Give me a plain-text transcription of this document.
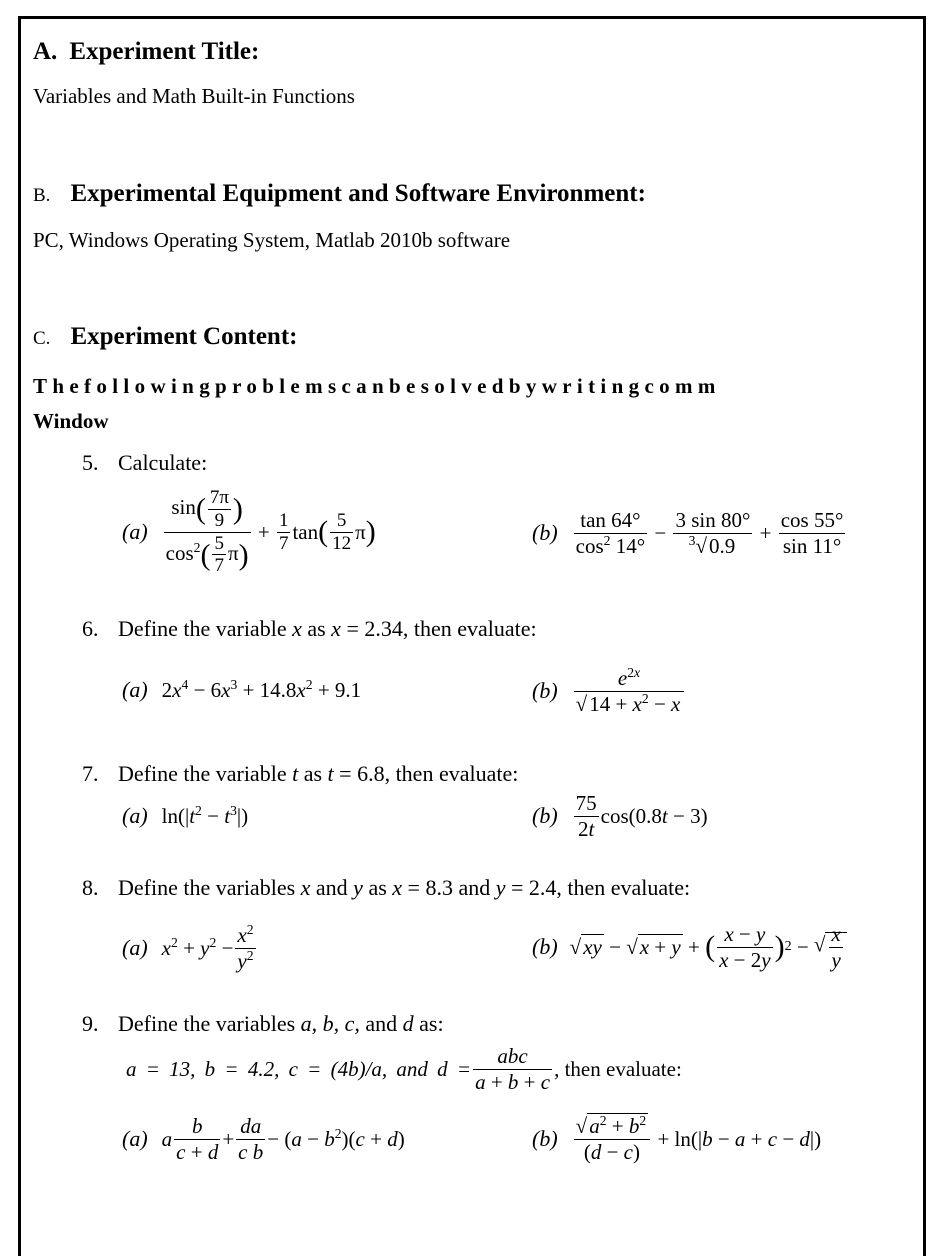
A. Experiment Title:
Variables and Math Built-in Functions
B. Experimental Equipment and Software Environment:
PC, Windows Operating System, Matlab 2010b software
C. Experiment Content:
Thefollowingproblemscanbesolvedbywritingcomm
Window
5. Calculate:
$(a) \frac{\sin( \frac{7\pi}{9} )}{\cos^2( \frac{5}{7} \pi)} + \frac{1}{7}$ tan ( $\frac{5}{12}$ π )	$(b) \frac{\tan 64^\circ}{\cos^2 14^\circ} - \frac{3 \sin 80^\circ}{^3√0.9} + \frac{\cos 55^\circ}{\sin 11^\circ}$
6. Define the variable x as x = 2.34, then evaluate:
(a) $2x^4 - 6x^3 + 14.8x^2 + 9.1$	$(b) \frac{e^{2x}}{√14 + x^2 - x}$
7. Define the variable t as t = 6.8, then evaluate:
(a) $\ln(|t^2 - t^3|)$	$(b) \frac{75}{2t} \cos(0.8t - 3)$
8. Define the variables x and y as x = 8.3 and y = 2.4, then evaluate:
(a) $x^2 + y^2 - \frac{x^2}{y^2}$	(b) √xy − √x + y + ( $\frac{x - y}{x - 2y}$ ) 2 − √ $\frac{x}{y}$
9. Define the variables a, b, c, and d as:
a = 13, b = 4.2, c = (4b)/a, and $d = \frac{\text{abc}}{a + b + c}$ , then evaluate:
(a) a $\frac{b}{c + d} + \frac{da}{\text{c b}} - (a - b^2)(c + d)$	$(b) \frac{√a^2 + b^2}{(d - c)} + \ln(|b - a + c - d|)$
